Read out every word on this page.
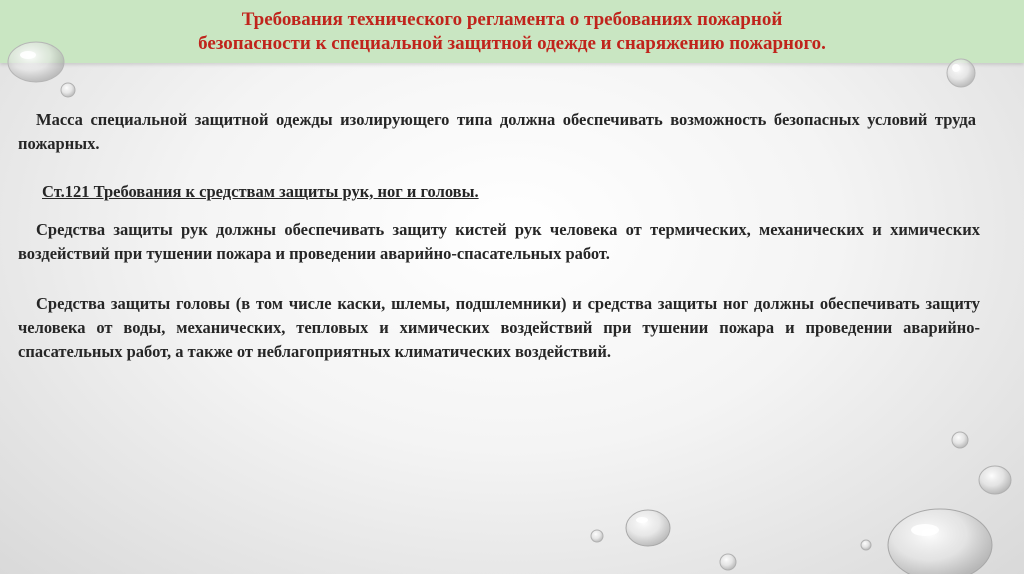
Требования технического регламента о требованиях пожарной
безопасности к специальной защитной одежде и снаряжению пожарного.
Масса специальной защитной одежды изолирующего типа должна обеспечивать возможность безопасных условий труда пожарных.
Ст.121 Требования к средствам защиты рук, ног и головы.
Средства защиты рук должны обеспечивать защиту кистей рук человека от термических, механических и химических воздействий при тушении пожара и проведении аварийно-спасательных работ.
Средства защиты головы (в том числе каски, шлемы, подшлемники) и средства защиты ног должны обеспечивать защиту человека от воды, механических, тепловых и химических воздействий при тушении пожара и проведении аварийно-спасательных работ, а также от неблагоприятных климатических воздействий.
